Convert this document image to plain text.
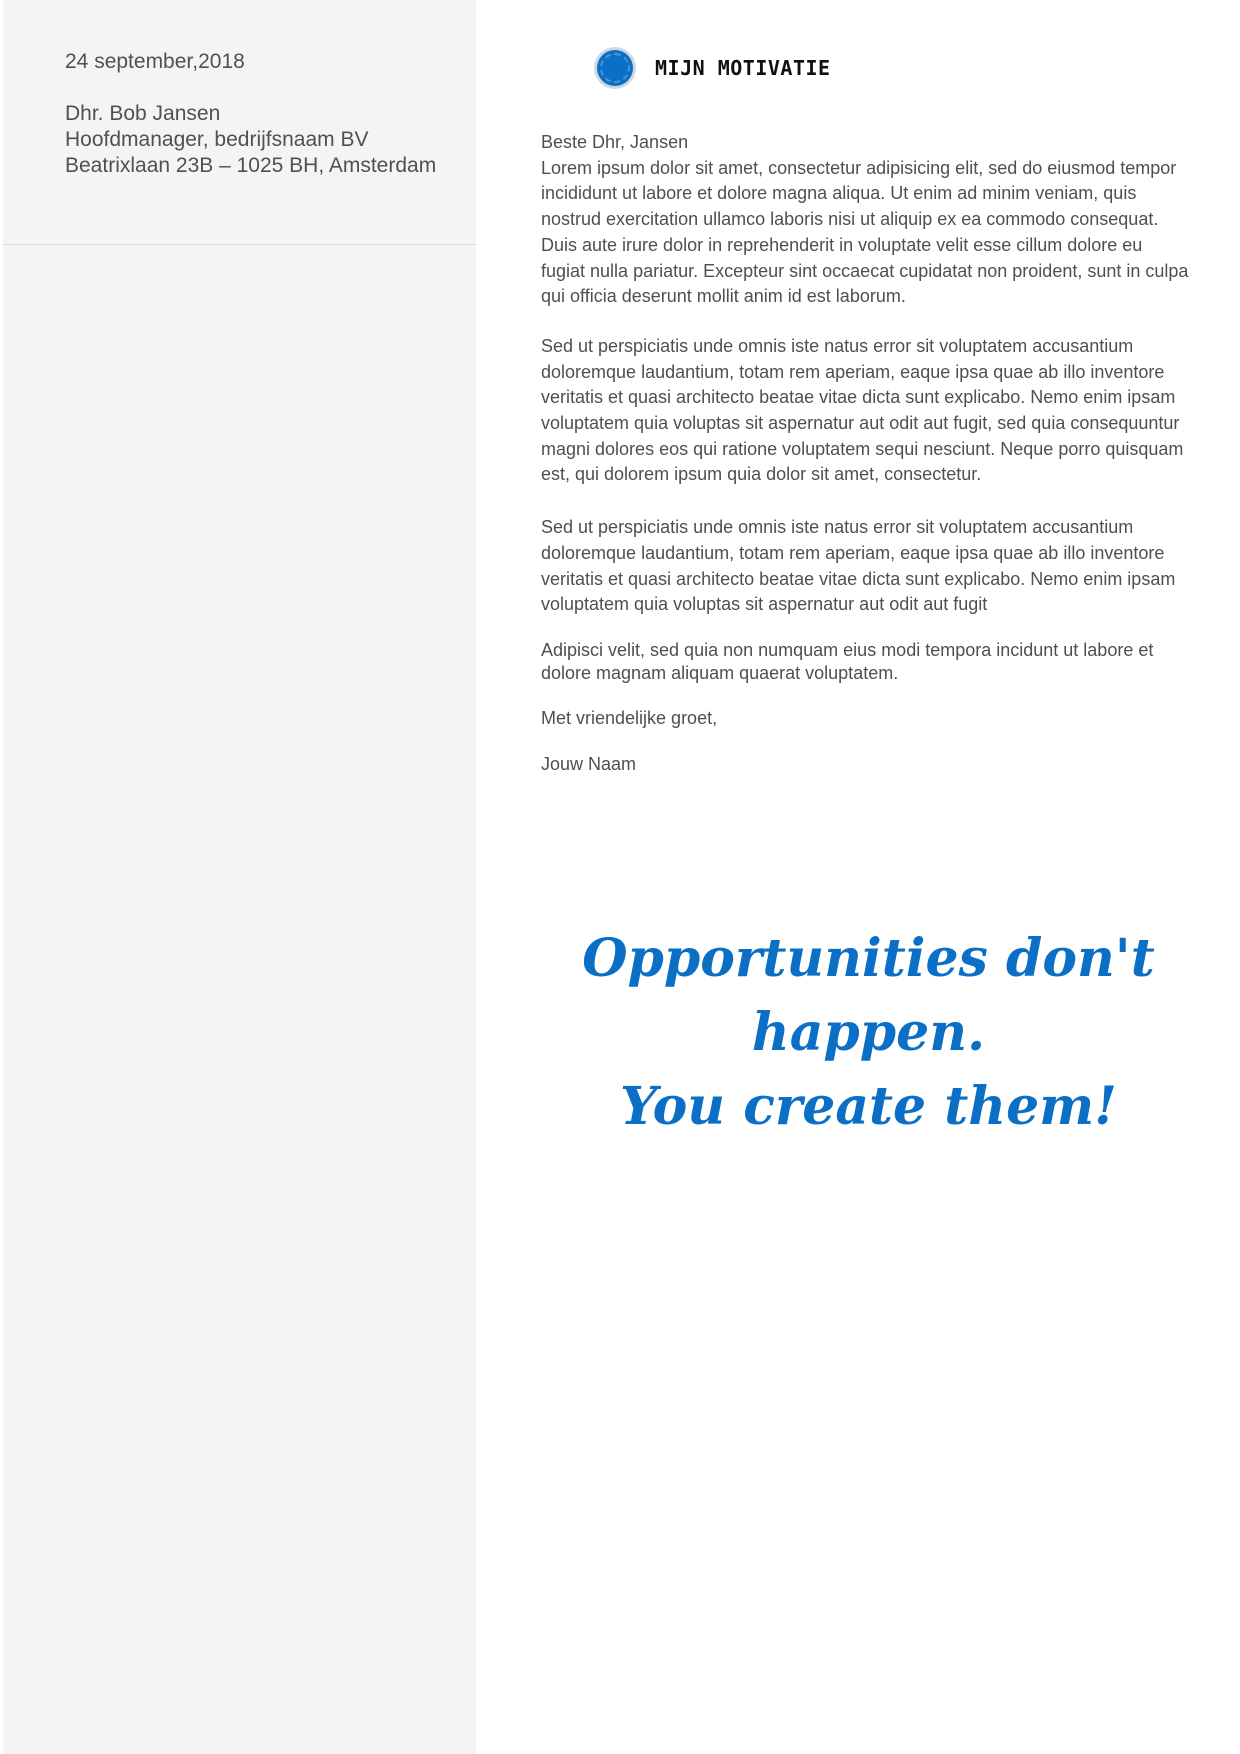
24 september,2018
Dhr. Bob Jansen
Hoofdmanager, bedrijfsnaam BV
Beatrixlaan 23B – 1025 BH, Amsterdam
MIJN MOTIVATIE

Beste Dhr, Jansen

Lorem ipsum dolor sit amet, consectetur adipisicing elit, sed do eiusmod tempor incididunt ut labore et dolore magna aliqua. Ut enim ad minim veniam, quis nostrud exercitation ullamco laboris nisi ut aliquip ex ea commodo consequat. Duis aute irure dolor in reprehenderit in voluptate velit esse cillum dolore eu fugiat nulla pariatur. Excepteur sint occaecat cupidatat non proident, sunt in culpa qui officia deserunt mollit anim id est laborum.

Sed ut perspiciatis unde omnis iste natus error sit voluptatem accusantium doloremque laudantium, totam rem aperiam, eaque ipsa quae ab illo inventore veritatis et quasi architecto beatae vitae dicta sunt explicabo. Nemo enim ipsam voluptatem quia voluptas sit aspernatur aut odit aut fugit, sed quia consequuntur magni dolores eos qui ratione voluptatem sequi nesciunt. Neque porro quisquam est, qui dolorem ipsum quia dolor sit amet, consectetur.

Sed ut perspiciatis unde omnis iste natus error sit voluptatem accusantium doloremque laudantium, totam rem aperiam, eaque ipsa quae ab illo inventore veritatis et quasi architecto beatae vitae dicta sunt explicabo. Nemo enim ipsam voluptatem quia voluptas sit aspernatur aut odit aut fugit

Adipisci velit, sed quia non numquam eius modi tempora incidunt ut labore et dolore magnam aliquam quaerat voluptatem.

Met vriendelijke groet,

Jouw Naam

Opportunities don't
happen.
You create them!
